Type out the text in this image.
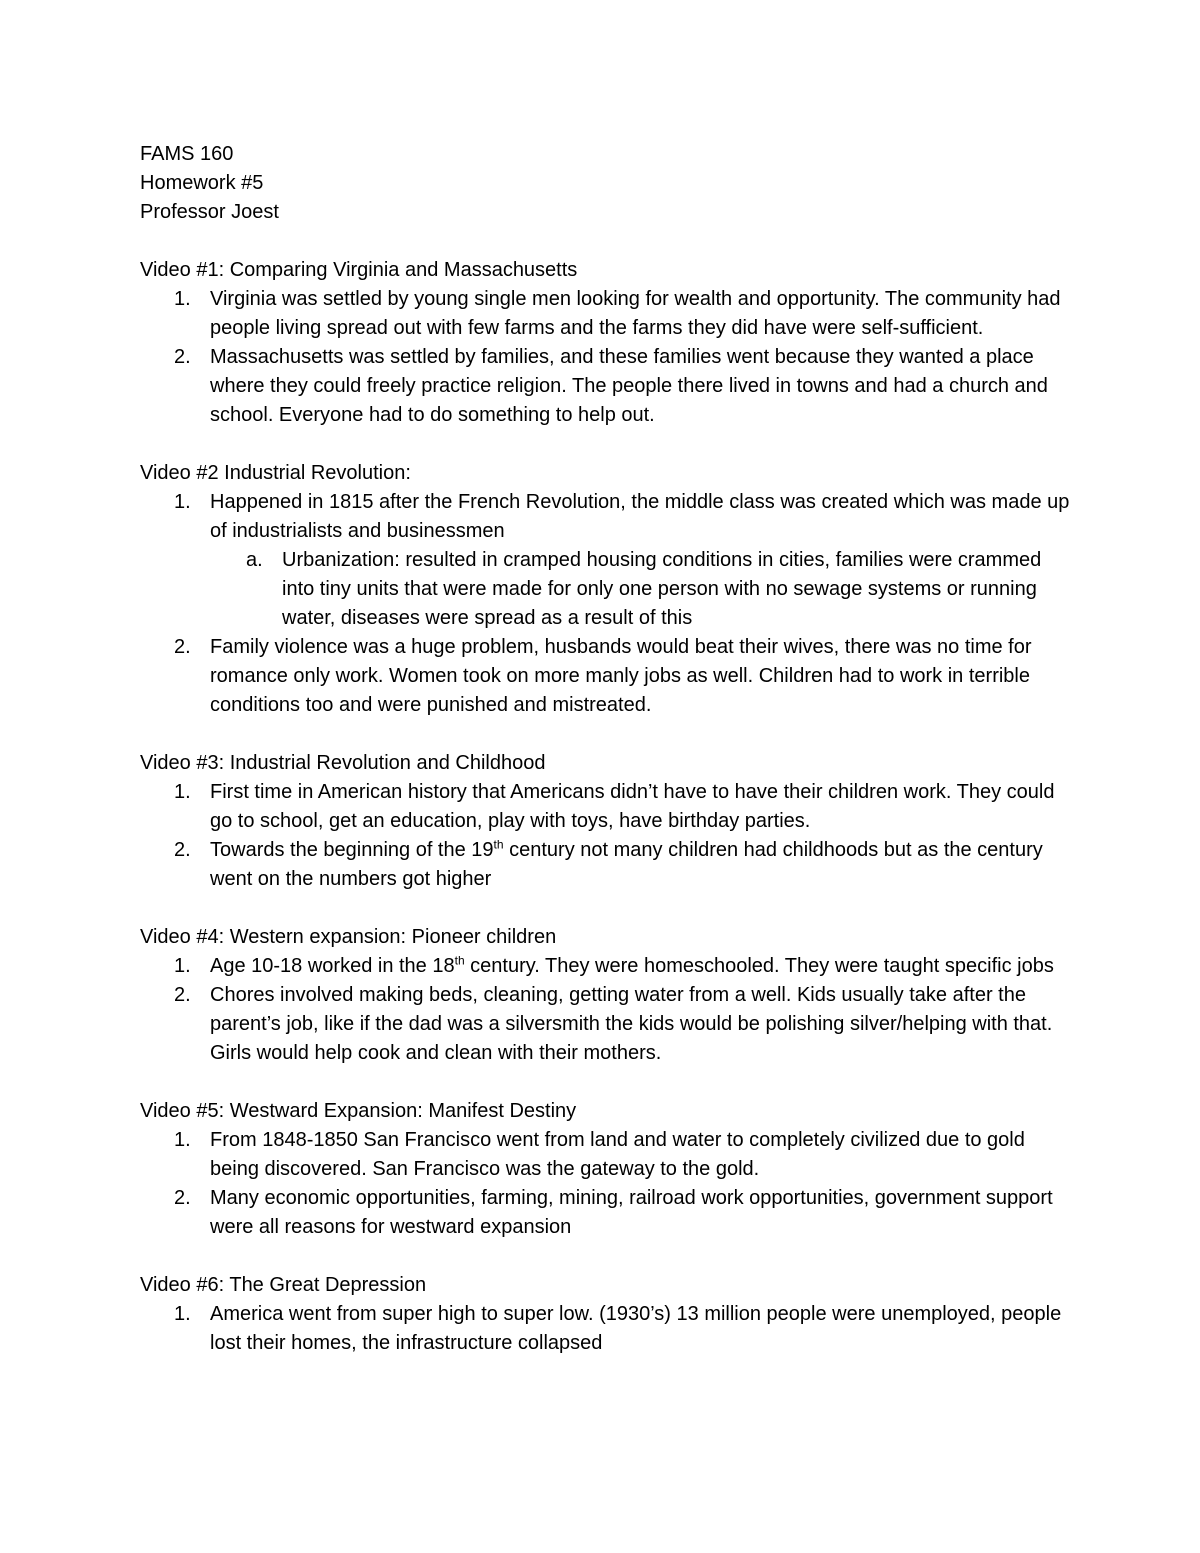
FAMS 160
Homework #5
Professor Joest
Video #1: Comparing Virginia and Massachusetts
1. Virginia was settled by young single men looking for wealth and opportunity. The community had people living spread out with few farms and the farms they did have were self-sufficient.
2. Massachusetts was settled by families, and these families went because they wanted a place where they could freely practice religion. The people there lived in towns and had a church and school. Everyone had to do something to help out.
Video #2 Industrial Revolution:
1. Happened in 1815 after the French Revolution, the middle class was created which was made up of industrialists and businessmen
a. Urbanization: resulted in cramped housing conditions in cities, families were crammed into tiny units that were made for only one person with no sewage systems or running water, diseases were spread as a result of this
2. Family violence was a huge problem, husbands would beat their wives, there was no time for romance only work. Women took on more manly jobs as well. Children had to work in terrible conditions too and were punished and mistreated.
Video #3: Industrial Revolution and Childhood
1. First time in American history that Americans didn’t have to have their children work. They could go to school, get an education, play with toys, have birthday parties.
2. Towards the beginning of the 19th century not many children had childhoods but as the century went on the numbers got higher
Video #4: Western expansion: Pioneer children
1. Age 10-18 worked in the 18th century. They were homeschooled. They were taught specific jobs
2. Chores involved making beds, cleaning, getting water from a well. Kids usually take after the parent’s job, like if the dad was a silversmith the kids would be polishing silver/helping with that. Girls would help cook and clean with their mothers.
Video #5: Westward Expansion: Manifest Destiny
1. From 1848-1850 San Francisco went from land and water to completely civilized due to gold being discovered. San Francisco was the gateway to the gold.
2. Many economic opportunities, farming, mining, railroad work opportunities, government support were all reasons for westward expansion
Video #6: The Great Depression
1. America went from super high to super low. (1930’s) 13 million people were unemployed, people lost their homes, the infrastructure collapsed
